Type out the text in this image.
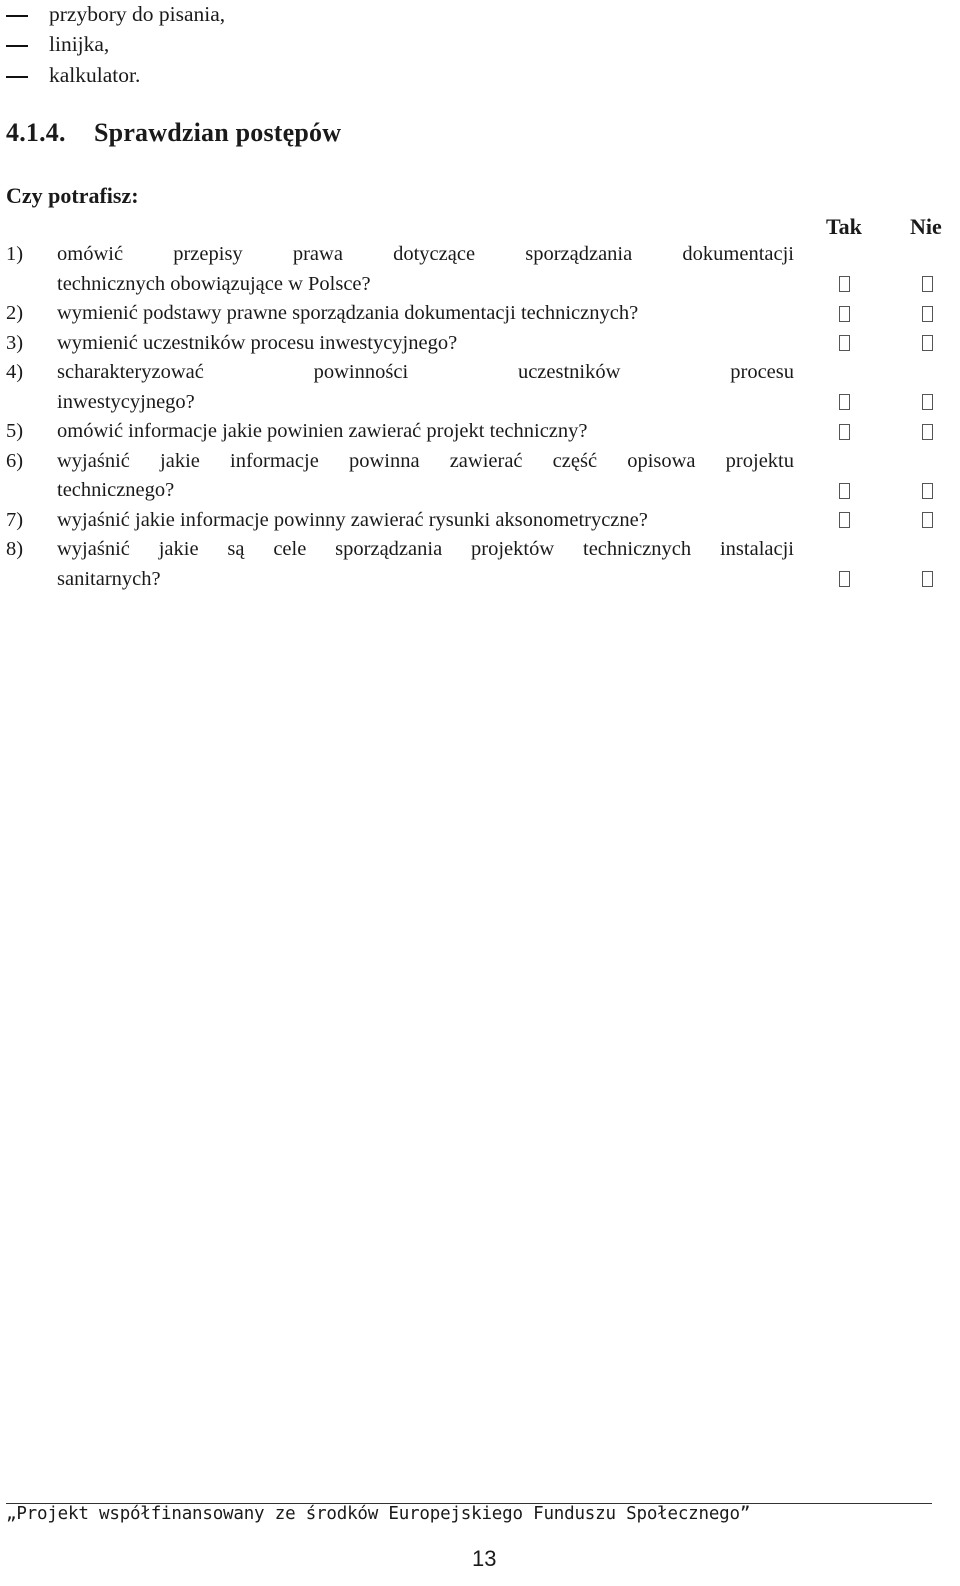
przybory do pisania,
linijka,
kalkulator.
4.1.4. Sprawdzian postępów
Czy potrafisz:
Tak Nie
1) omówić przepisy prawa dotyczące sporządzania dokumentacji
technicznych obowiązujące w Polsce?
2) wymienić podstawy prawne sporządzania dokumentacji technicznych?
3) wymienić uczestników procesu inwestycyjnego?
4) scharakteryzować powinności uczestników procesu
inwestycyjnego?
5) omówić informacje jakie powinien zawierać projekt techniczny?
6) wyjaśnić jakie informacje powinna zawierać część opisowa projektu
technicznego?
7) wyjaśnić jakie informacje powinny zawierać rysunki aksonometryczne?
8) wyjaśnić jakie są cele sporządzania projektów technicznych instalacji
sanitarnych?
„Projekt współfinansowany ze środków Europejskiego Funduszu Społecznego”
13
